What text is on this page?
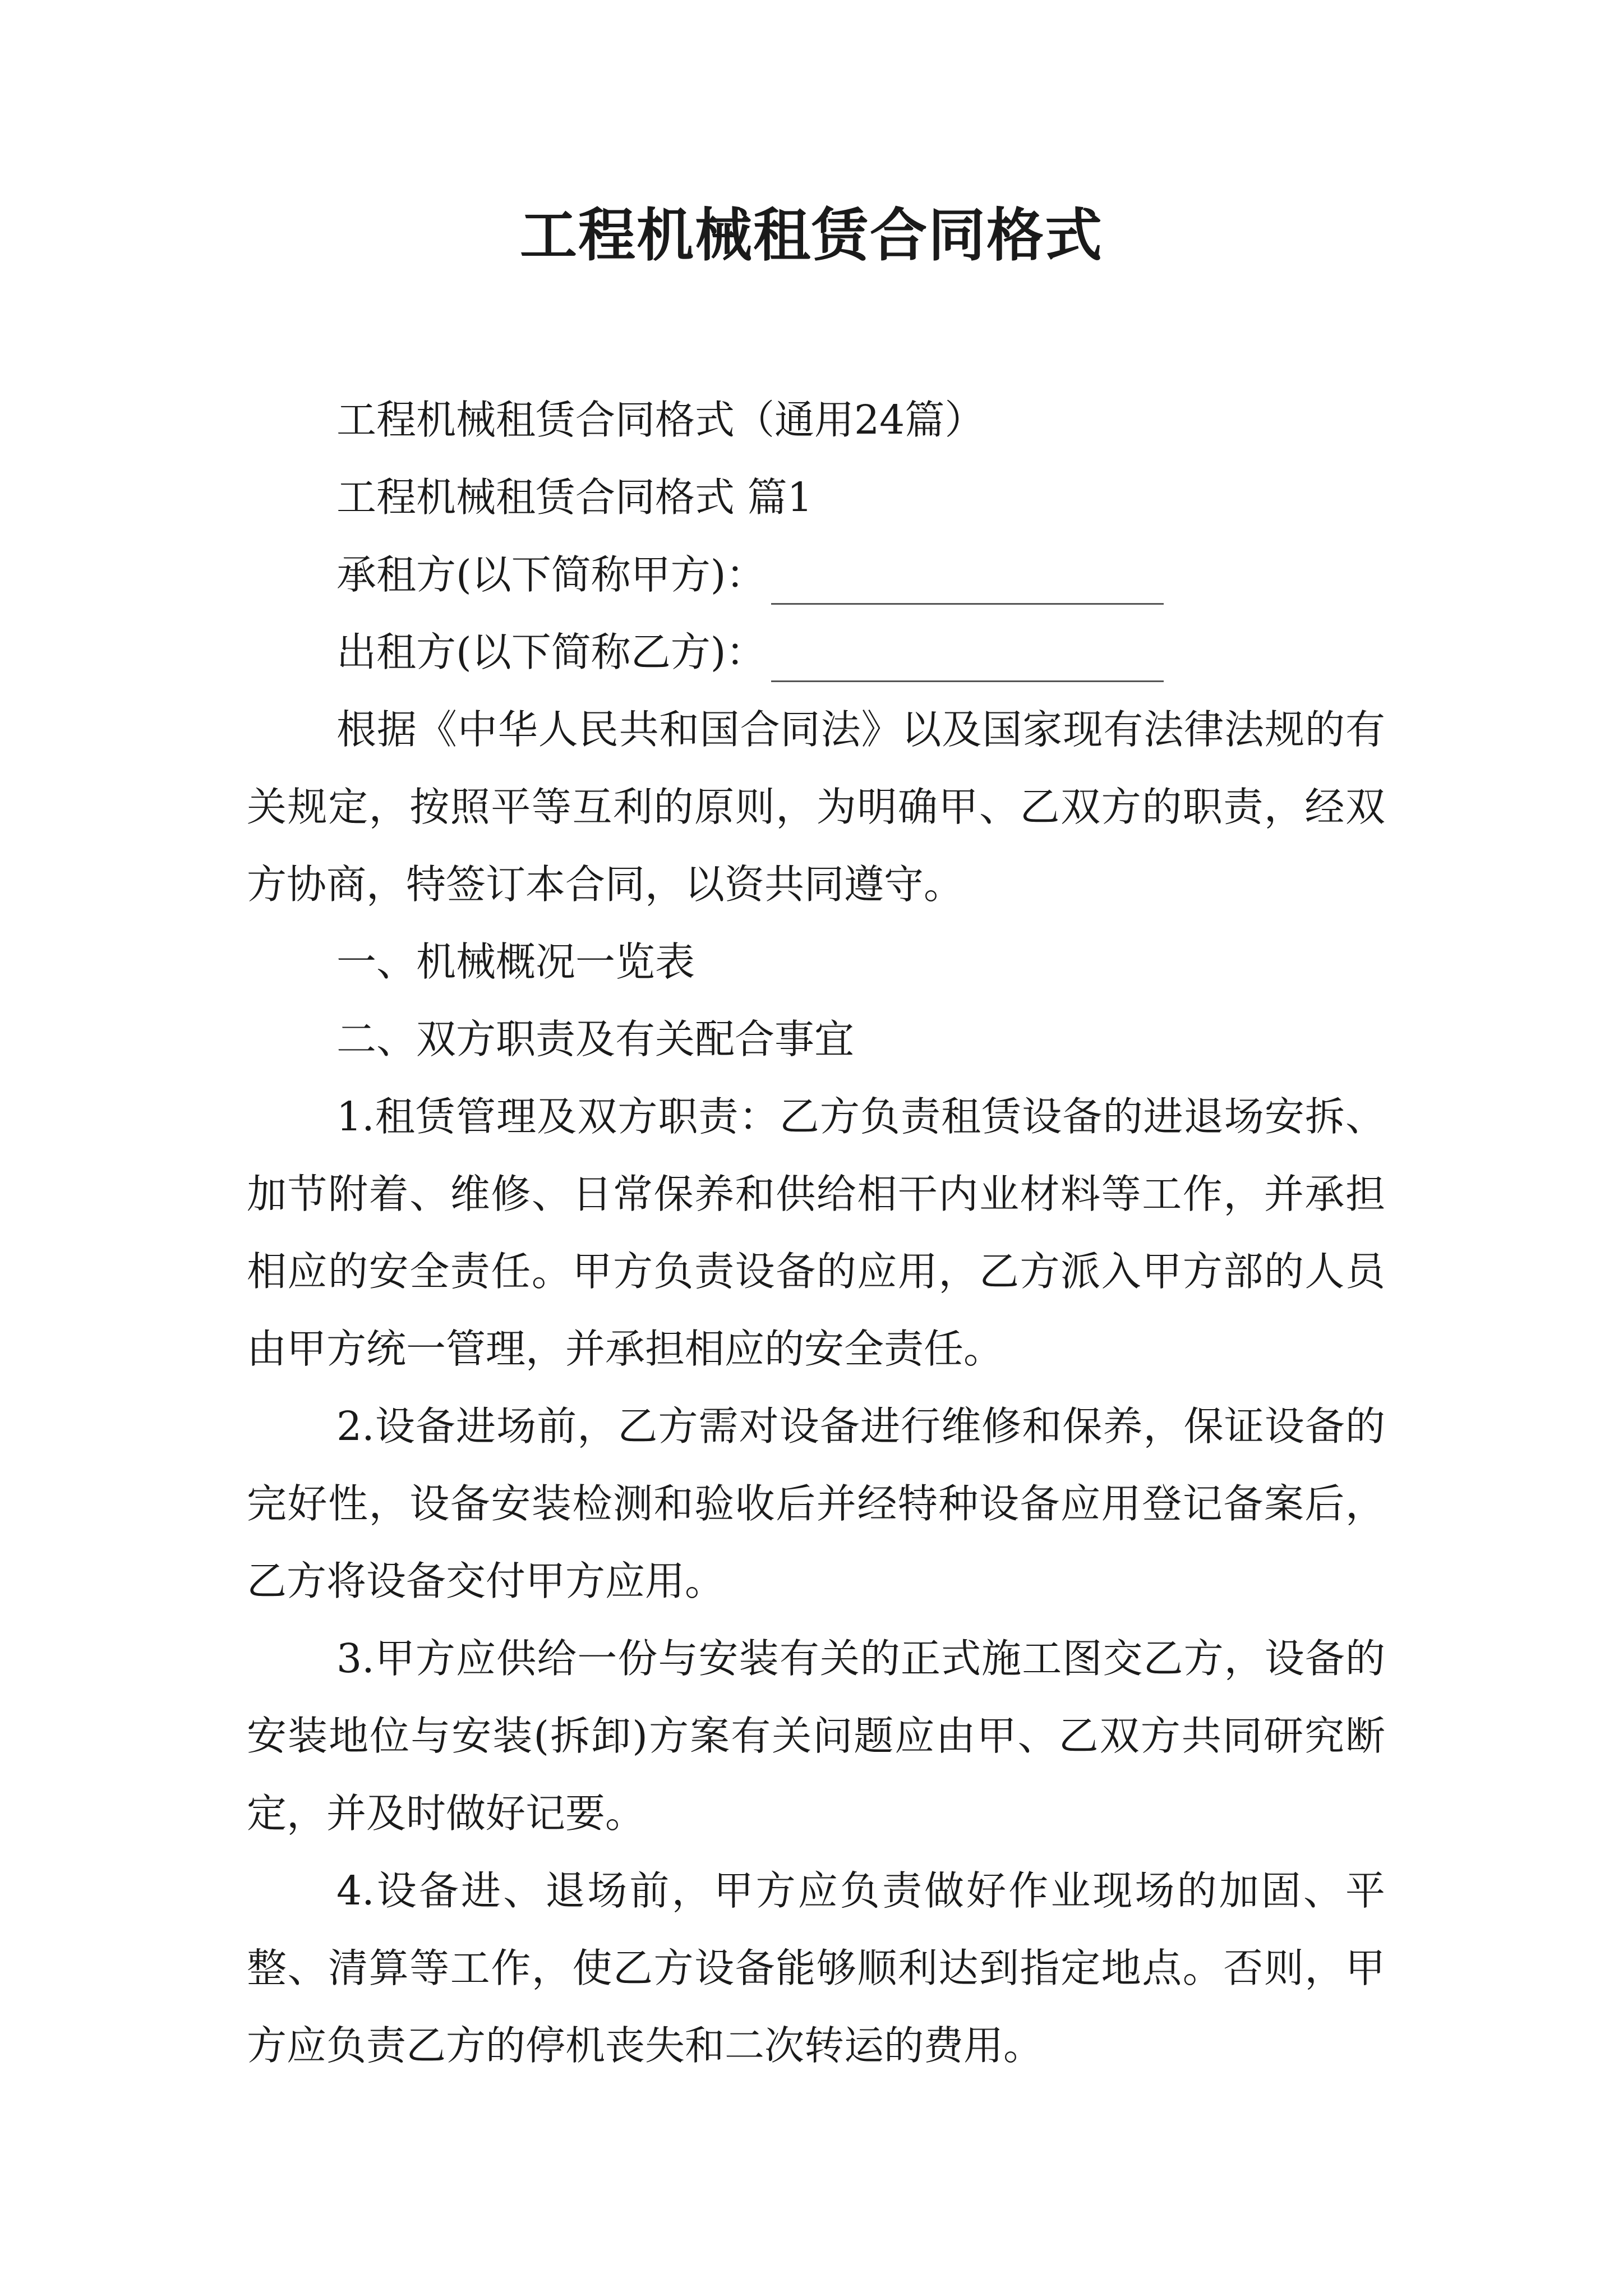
工程机械租赁合同格式
工程机械租赁合同格式（通用24篇）
工程机械租赁合同格式 篇1
承租方(以下简称甲方)：
出租方(以下简称乙方)：

根据《中华人民共和国合同法》以及国家现有法律法规的有关规定，按照平等互利的原则，为明确甲、乙双方的职责，经双方协商，特签订本合同，以资共同遵守。

一、机械概况一览表

二、双方职责及有关配合事宜

1.租赁管理及双方职责：乙方负责租赁设备的进退场安拆、加节附着、维修、日常保养和供给相干内业材料等工作，并承担相应的安全责任。甲方负责设备的应用，乙方派入甲方部的人员由甲方统一管理，并承担相应的安全责任。

2.设备进场前，乙方需对设备进行维修和保养，保证设备的完好性，设备安装检测和验收后并经特种设备应用登记备案后，乙方将设备交付甲方应用。

3.甲方应供给一份与安装有关的正式施工图交乙方，设备的安装地位与安装(拆卸)方案有关问题应由甲、乙双方共同研究断定，并及时做好记要。

4.设备进、退场前，甲方应负责做好作业现场的加固、平整、清算等工作，使乙方设备能够顺利达到指定地点。否则，甲方应负责乙方的停机丧失和二次转运的费用。
